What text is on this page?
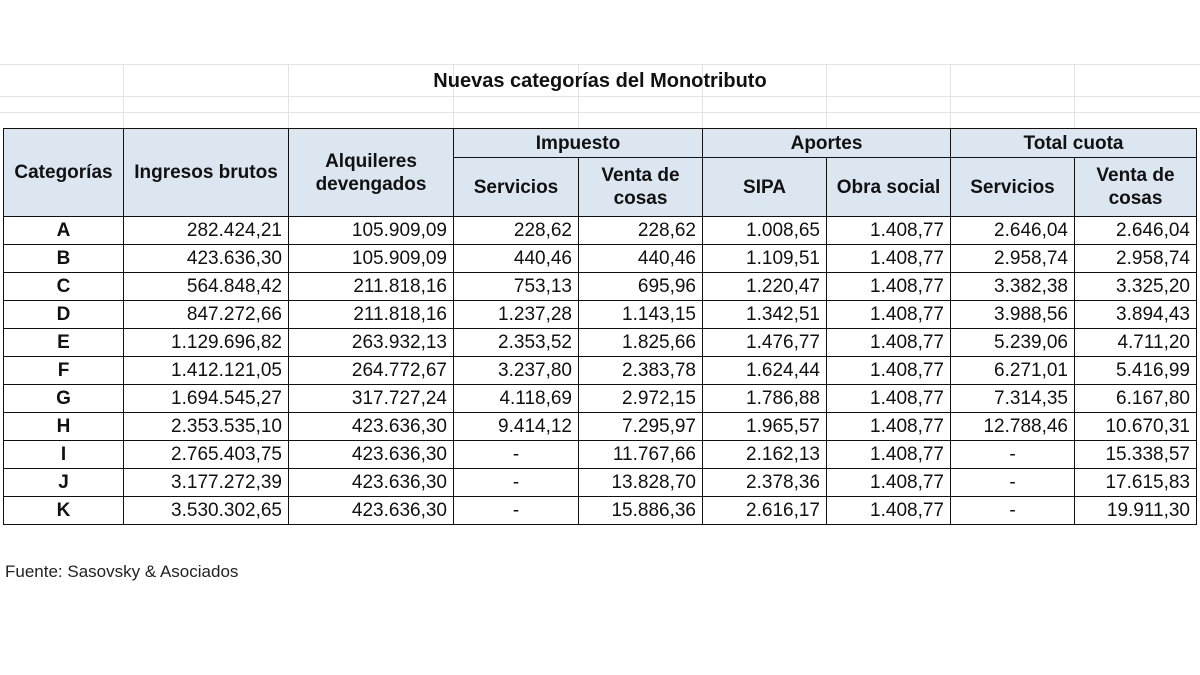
Nuevas categorías del Monotributo
Categorías	Ingresos brutos	Alquileres devengados	Impuesto		Aportes		Total cuota	
			Servicios	Venta de cosas	SIPA	Obra social	Servicios	Venta de cosas
A	282.424,21	105.909,09	228,62	228,62	1.008,65	1.408,77	2.646,04	2.646,04
B	423.636,30	105.909,09	440,46	440,46	1.109,51	1.408,77	2.958,74	2.958,74
C	564.848,42	211.818,16	753,13	695,96	1.220,47	1.408,77	3.382,38	3.325,20
D	847.272,66	211.818,16	1.237,28	1.143,15	1.342,51	1.408,77	3.988,56	3.894,43
E	1.129.696,82	263.932,13	2.353,52	1.825,66	1.476,77	1.408,77	5.239,06	4.711,20
F	1.412.121,05	264.772,67	3.237,80	2.383,78	1.624,44	1.408,77	6.271,01	5.416,99
G	1.694.545,27	317.727,24	4.118,69	2.972,15	1.786,88	1.408,77	7.314,35	6.167,80
H	2.353.535,10	423.636,30	9.414,12	7.295,97	1.965,57	1.408,77	12.788,46	10.670,31
I	2.765.403,75	423.636,30	-	11.767,66	2.162,13	1.408,77	-	15.338,57
J	3.177.272,39	423.636,30	-	13.828,70	2.378,36	1.408,77	-	17.615,83
K	3.530.302,65	423.636,30	-	15.886,36	2.616,17	1.408,77	-	19.911,30
Fuente: Sasovsky & Asociados
